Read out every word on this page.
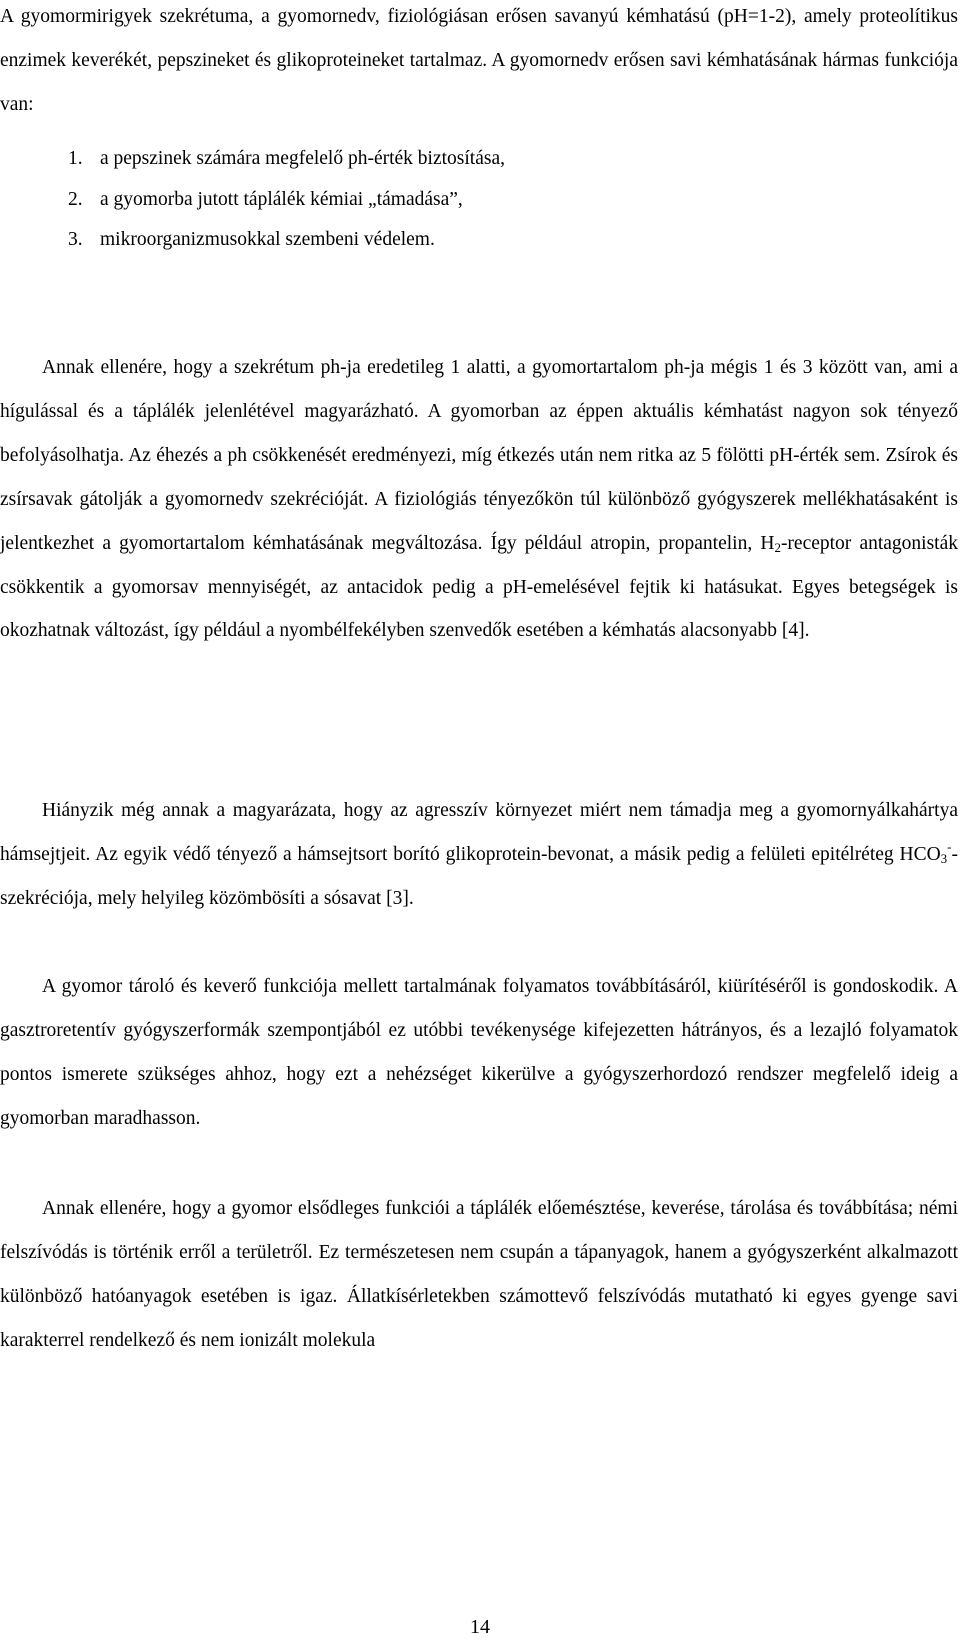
A gyomormirigyek szekrétuma, a gyomornedv, fiziológiásan erősen savanyú kémhatású (pH=1-2), amely proteolítikus enzimek keverékét, pepszineket és glikoproteineket tartalmaz. A gyomornedv erősen savi kémhatásának hármas funkciója van:

1. a pepszinek számára megfelelő ph-érték biztosítása,
2. a gyomorba jutott táplálék kémiai „támadása”,
3. mikroorganizmusokkal szembeni védelem.

Annak ellenére, hogy a szekrétum ph-ja eredetileg 1 alatti, a gyomortartalom ph-ja mégis 1 és 3 között van, ami a hígulással és a táplálék jelenlétével magyarázható. A gyomorban az éppen aktuális kémhatást nagyon sok tényező befolyásolhatja. Az éhezés a ph csökkenését eredményezi, míg étkezés után nem ritka az 5 fölötti pH-érték sem. Zsírok és zsírsavak gátolják a gyomornedv szekrécióját. A fiziológiás tényezőkön túl különböző gyógyszerek mellékhatásaként is jelentkezhet a gyomortartalom kémhatásának megváltozása. Így például atropin, propantelin, $H_2$-receptor antagonisták csökkentik a gyomorsav mennyiségét, az antacidok pedig a pH-emelésével fejtik ki hatásukat. Egyes betegségek is okozhatnak változást, így például a nyombélfekélyben szenvedők esetében a kémhatás alacsonyabb [4].

Hiányzik még annak a magyarázata, hogy az agresszív környezet miért nem támadja meg a gyomornyálkahártya hámsejtjeit. Az egyik védő tényező a hámsejtsort borító glikoprotein-bevonat, a másik pedig a felületi epitélréteg $HCO_3^-$-szekréciója, mely helyileg közömbösíti a sósavat [3].

A gyomor tároló és keverő funkciója mellett tartalmának folyamatos továbbításáról, kiürítéséről is gondoskodik. A gasztroretentív gyógyszerformák szempontjából ez utóbbi tevékenysége kifejezetten hátrányos, és a lezajló folyamatok pontos ismerete szükséges ahhoz, hogy ezt a nehézséget kikerülve a gyógyszerhordozó rendszer megfelelő ideig a gyomorban maradhasson.

Annak ellenére, hogy a gyomor elsődleges funkciói a táplálék előemésztése, keverése, tárolása és továbbítása; némi felszívódás is történik erről a területről. Ez természetesen nem csupán a tápanyagok, hanem a gyógyszerként alkalmazott különböző hatóanyagok esetében is igaz. Állatkísérletekben számottevő felszívódás mutatható ki egyes gyenge savi karakterrel rendelkező és nem ionizált molekula

14
